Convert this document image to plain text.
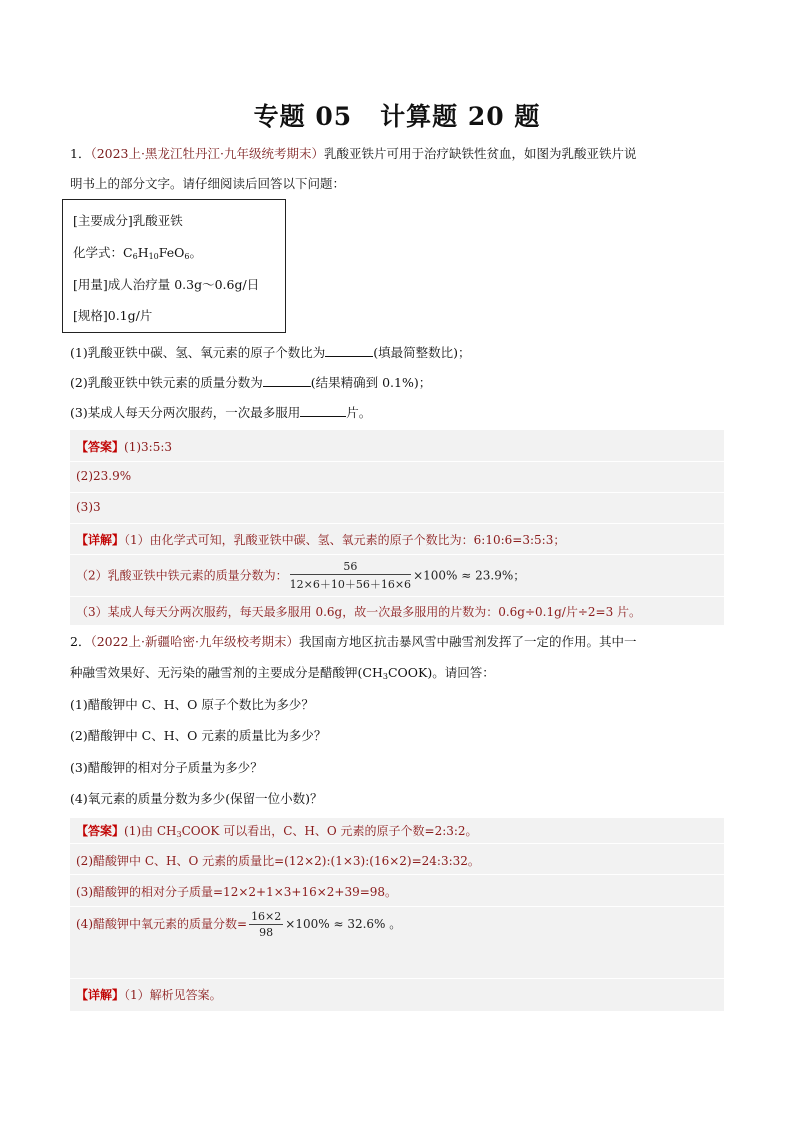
专题 05 计算题 20 题
1．（2023上·黑龙江牡丹江·九年级统考期末）乳酸亚铁片可用于治疗缺铁性贫血，如图为乳酸亚铁片说
明书上的部分文字。请仔细阅读后回答以下问题：
[主要成分]乳酸亚铁
化学式：$C_6H_{10}FeO_6$。
[用量]成人治疗量 0.3g～0.6g/日
[规格]0.1g/片
(1)乳酸亚铁中碳、氢、氧元素的原子个数比为	(填最简整数比)；
(2)乳酸亚铁中铁元素的质量分数为	(结果精确到 0.1%)；
(3)某成人每天分两次服药，一次最多服用	片。
【答案】(1)3:5:3
(2)23.9%
(3)3
【详解】（1）由化学式可知，乳酸亚铁中碳、氢、氧元素的原子个数比为：6:10:6=3:5:3；
（2）乳酸亚铁中铁元素的质量分数为： $\frac{56}{12\times 6+10+56+16\times 6} \times 100\% \approx 23.9\%$；
（3）某成人每天分两次服药，每天最多服用 0.6g，故一次最多服用的片数为：0.6g÷0.1g/片÷2=3 片。
2．（2022上·新疆哈密·九年级校考期末）我国南方地区抗击暴风雪中融雪剂发挥了一定的作用。其中一
种融雪效果好、无污染的融雪剂的主要成分是醋酸钾$(CH_3COOK)$。请回答：
(1)醋酸钾中 C、H、O 原子个数比为多少？
(2)醋酸钾中 C、H、O 元素的质量比为多少？
(3)醋酸钾的相对分子质量为多少？
(4)氧元素的质量分数为多少(保留一位小数)？
【答案】(1)由 $CH_3COOK$ 可以看出，C、H、O 元素的原子个数=2:3:2。
(2)醋酸钾中 C、H、O 元素的质量比=(12×2):(1×3):(16×2)=24:3:32。
(3)醋酸钾的相对分子质量=12×2+1×3+16×2+39=98。
(4)醋酸钾中氧元素的质量分数= $\frac{16\times 2}{98} \times 100\% \approx 32.6\%$ 。
【详解】（1）解析见答案。
